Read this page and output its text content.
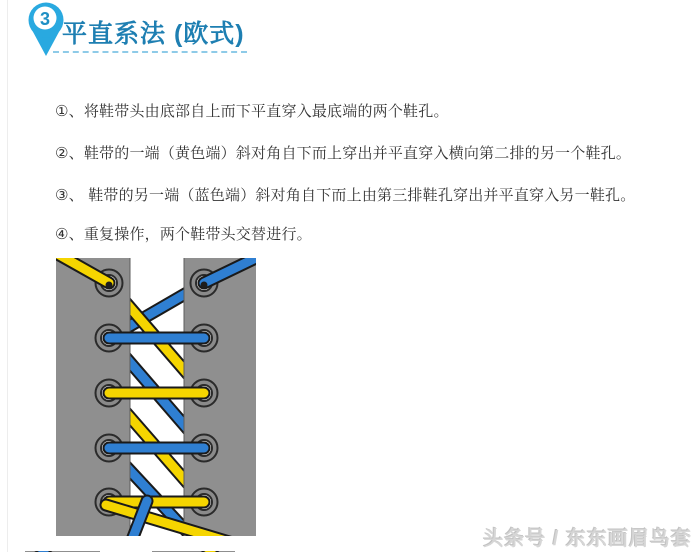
3
平直系法 (欧式)
①、将鞋带头由底部自上而下平直穿入最底端的两个鞋孔。
②、鞋带的一端（黄色端）斜对角自下而上穿出并平直穿入横向第二排的另一个鞋孔。
③、 鞋带的另一端（蓝色端）斜对角自下而上由第三排鞋孔穿出并平直穿入另一鞋孔。
④、重复操作，两个鞋带头交替进行。
头条号 / 东东画眉鸟套
